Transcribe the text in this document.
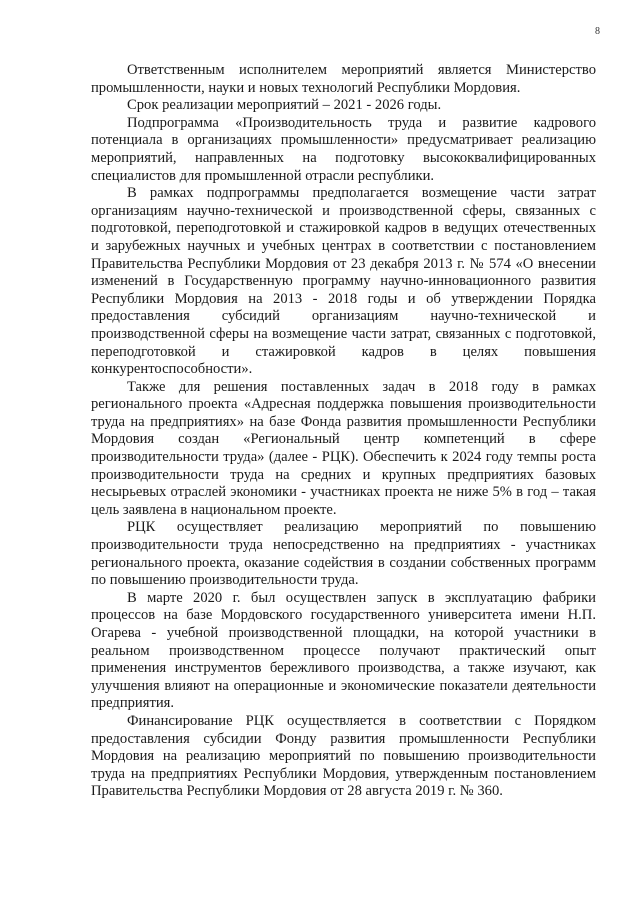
8

Ответственным исполнителем мероприятий является Министерство промышленности, науки и новых технологий Республики Мордовия.

Срок реализации мероприятий – 2021 - 2026 годы.

Подпрограмма «Производительность труда и развитие кадрового потенциала в организациях промышленности» предусматривает реализацию мероприятий, направленных на подготовку высококвалифицированных специалистов для промышленной отрасли республики.

В рамках подпрограммы предполагается возмещение части затрат организациям научно-технической и производственной сферы, связанных с подготовкой, переподготовкой и стажировкой кадров в ведущих отечественных и зарубежных научных и учебных центрах в соответствии с постановлением Правительства Республики Мордовия от 23 декабря 2013 г. № 574 «О внесении изменений в Государственную программу научно-инновационного развития Республики Мордовия на 2013 - 2018 годы и об утверждении Порядка предоставления субсидий организациям научно-технической и производственной сферы на возмещение части затрат, связанных с подготовкой, переподготовкой и стажировкой кадров в целях повышения конкурентоспособности».

Также для решения поставленных задач в 2018 году в рамках регионального проекта «Адресная поддержка повышения производительности труда на предприятиях» на базе Фонда развития промышленности Республики Мордовия создан «Региональный центр компетенций в сфере производительности труда» (далее - РЦК). Обеспечить к 2024 году темпы роста производительности труда на средних и крупных предприятиях базовых несырьевых отраслей экономики - участниках проекта не ниже 5% в год – такая цель заявлена в национальном проекте.

РЦК осуществляет реализацию мероприятий по повышению производительности труда непосредственно на предприятиях - участниках регионального проекта, оказание содействия в создании собственных программ по повышению производительности труда.

В марте 2020 г. был осуществлен запуск в эксплуатацию фабрики процессов на базе Мордовского государственного университета имени Н.П. Огарева - учебной производственной площадки, на которой участники в реальном производственном процессе получают практический опыт применения инструментов бережливого производства, а также изучают, как улучшения влияют на операционные и экономические показатели деятельности предприятия.

Финансирование РЦК осуществляется в соответствии с Порядком предоставления субсидии Фонду развития промышленности Республики Мордовия на реализацию мероприятий по повышению производительности труда на предприятиях Республики Мордовия, утвержденным постановлением Правительства Республики Мордовия от 28 августа 2019 г. № 360.
